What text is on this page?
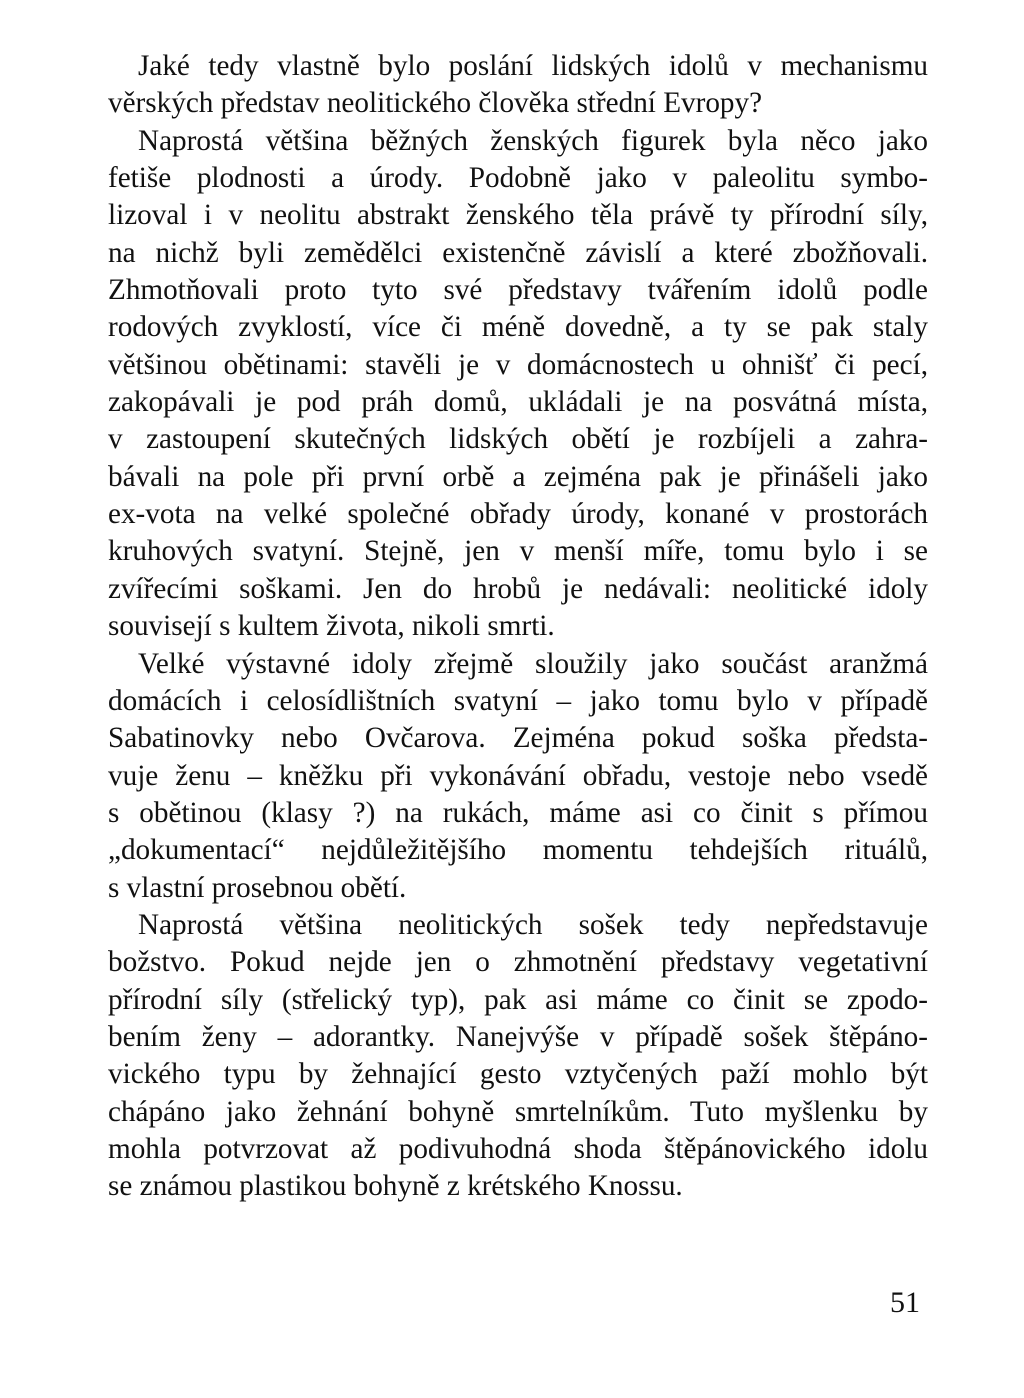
Jaké tedy vlastně bylo poslání lidských idolů v mechanismu
věrských představ neolitického člověka střední Evropy?
Naprostá většina běžných ženských figurek byla něco jako
fetiše plodnosti a úrody. Podobně jako v paleolitu symbo-
lizoval i v neolitu abstrakt ženského těla právě ty přírodní síly,
na nichž byli zemědělci existenčně závislí a které zbožňovali.
Zhmotňovali proto tyto své představy tvářením idolů podle
rodových zvyklostí, více či méně dovedně, a ty se pak staly
většinou obětinami: stavěli je v domácnostech u ohnišť či pecí,
zakopávali je pod práh domů, ukládali je na posvátná místa,
v zastoupení skutečných lidských obětí je rozbíjeli a zahra-
bávali na pole při první orbě a zejména pak je přinášeli jako
ex-vota na velké společné obřady úrody, konané v prostorách
kruhových svatyní. Stejně, jen v menší míře, tomu bylo i se
zvířecími soškami. Jen do hrobů je nedávali: neolitické idoly
souvisejí s kultem života, nikoli smrti.
Velké výstavné idoly zřejmě sloužily jako součást aranžmá
domácích i celosídlištních svatyní – jako tomu bylo v případě
Sabatinovky nebo Ovčarova. Zejména pokud soška předsta-
vuje ženu – kněžku při vykonávání obřadu, vestoje nebo vsedě
s obětinou (klasy ?) na rukách, máme asi co činit s přímou
„dokumentací“ nejdůležitějšího momentu tehdejších rituálů,
s vlastní prosebnou obětí.
Naprostá většina neolitických sošek tedy nepředstavuje
božstvo. Pokud nejde jen o zhmotnění představy vegetativní
přírodní síly (střelický typ), pak asi máme co činit se zpodo-
bením ženy – adorantky. Nanejvýše v případě sošek štěpáno-
vického typu by žehnající gesto vztyčených paží mohlo být
chápáno jako žehnání bohyně smrtelníkům. Tuto myšlenku by
mohla potvrzovat až podivuhodná shoda štěpánovického idolu
se známou plastikou bohyně z krétského Knossu.
51
